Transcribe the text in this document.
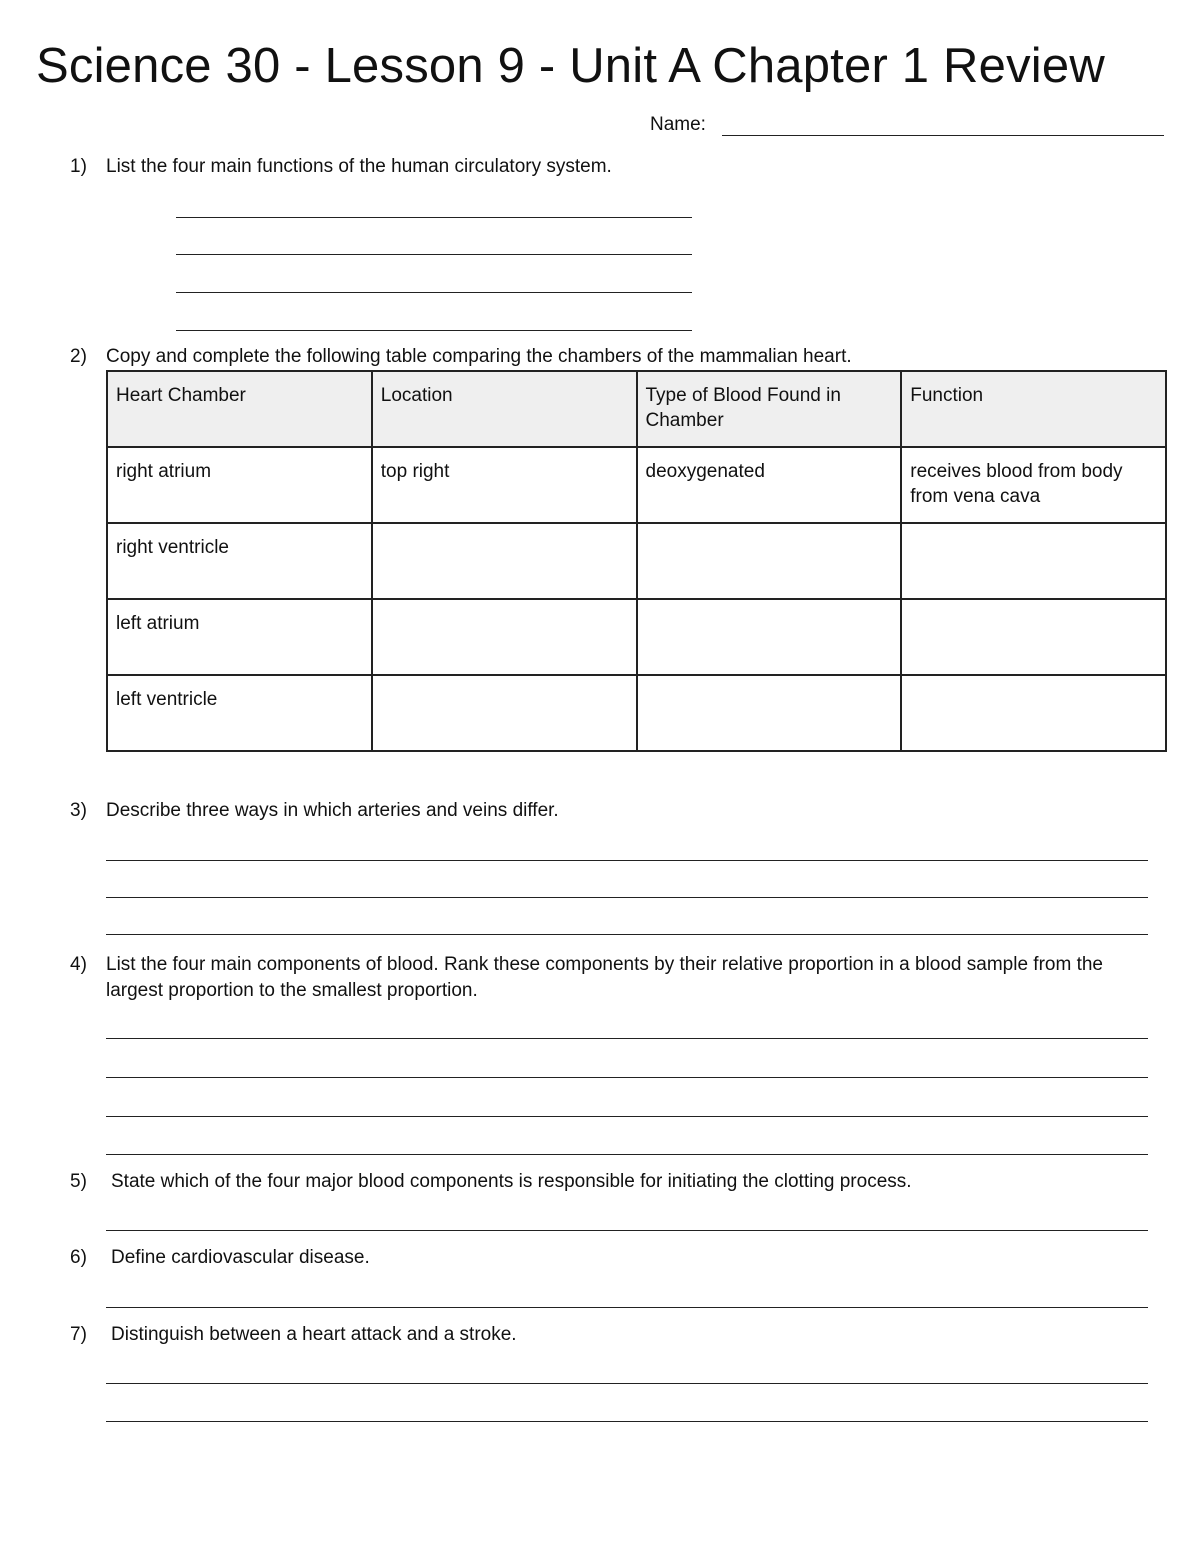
Science 30 - Lesson 9 - Unit A Chapter 1 Review
Name:
1)	List the four main functions of the human circulatory system.
2)	Copy and complete the following table comparing the chambers of the mammalian heart.
Heart Chamber	Location	Type of Blood Found in Chamber	Function
right atrium	top right	deoxygenated	receives blood from body from vena cava
right ventricle			
left atrium			
left ventricle			
3)	Describe three ways in which arteries and veins differ.
4)	List the four main components of blood. Rank these components by their relative proportion in a blood sample from the largest proportion to the smallest proportion.
5)	State which of the four major blood components is responsible for initiating the clotting process.
6)	Define cardiovascular disease.
7)	Distinguish between a heart attack and a stroke.
